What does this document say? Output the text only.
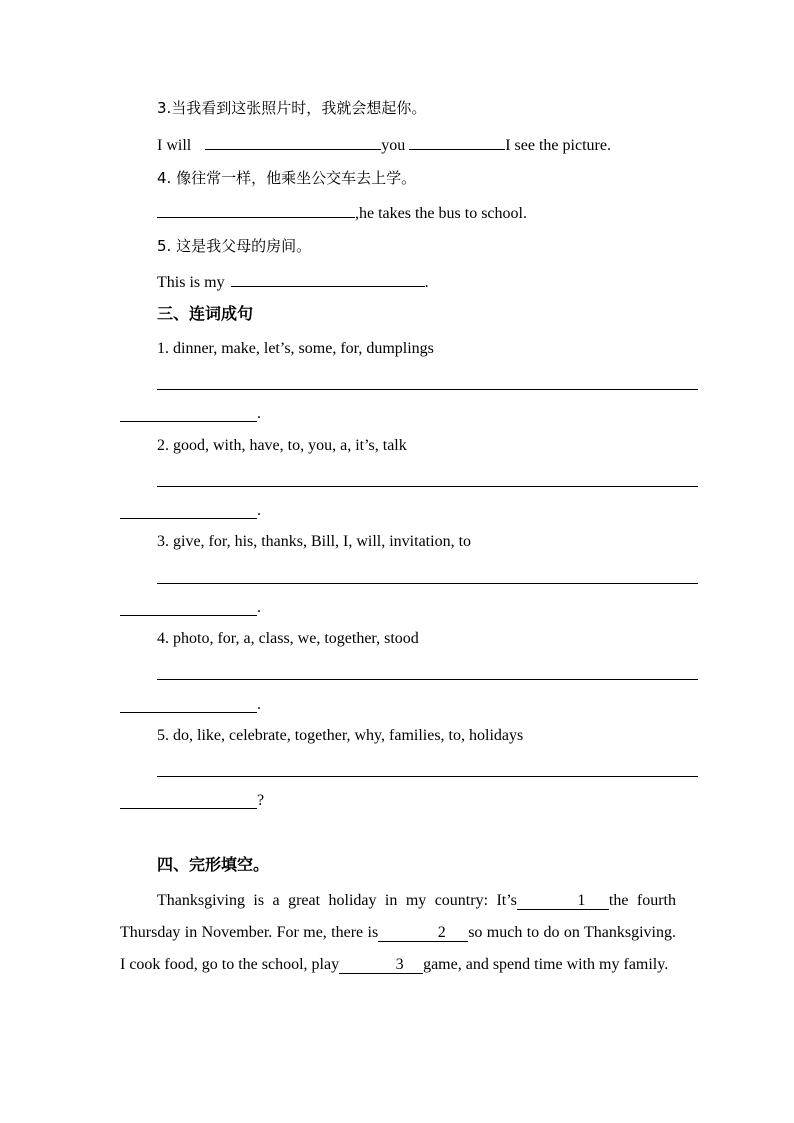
3.当我看到这张照片时，我就会想起你。
I will	you	I see the picture.
4. 像往常一样，他乘坐公交车去上学。
,he takes the bus to school.
5. 这是我父母的房间。
This is my	.
三、连词成句
1. dinner, make, let’s, some, for, dumplings
.
2. good, with, have, to, you, a, it’s, talk
.
3. give, for, his, thanks, Bill, I, will, invitation, to
.
4. photo, for, a, class, we, together, stood
.
5. do, like, celebrate, together, why, families, to, holidays
?
四、完形填空。
Thanksgiving is a great holiday in my country: It’s	1 the fourth Thursday in November. For me, there is	2 so much to do on Thanksgiving. I cook food, go to the school, play	3 game, and spend time with my family.
